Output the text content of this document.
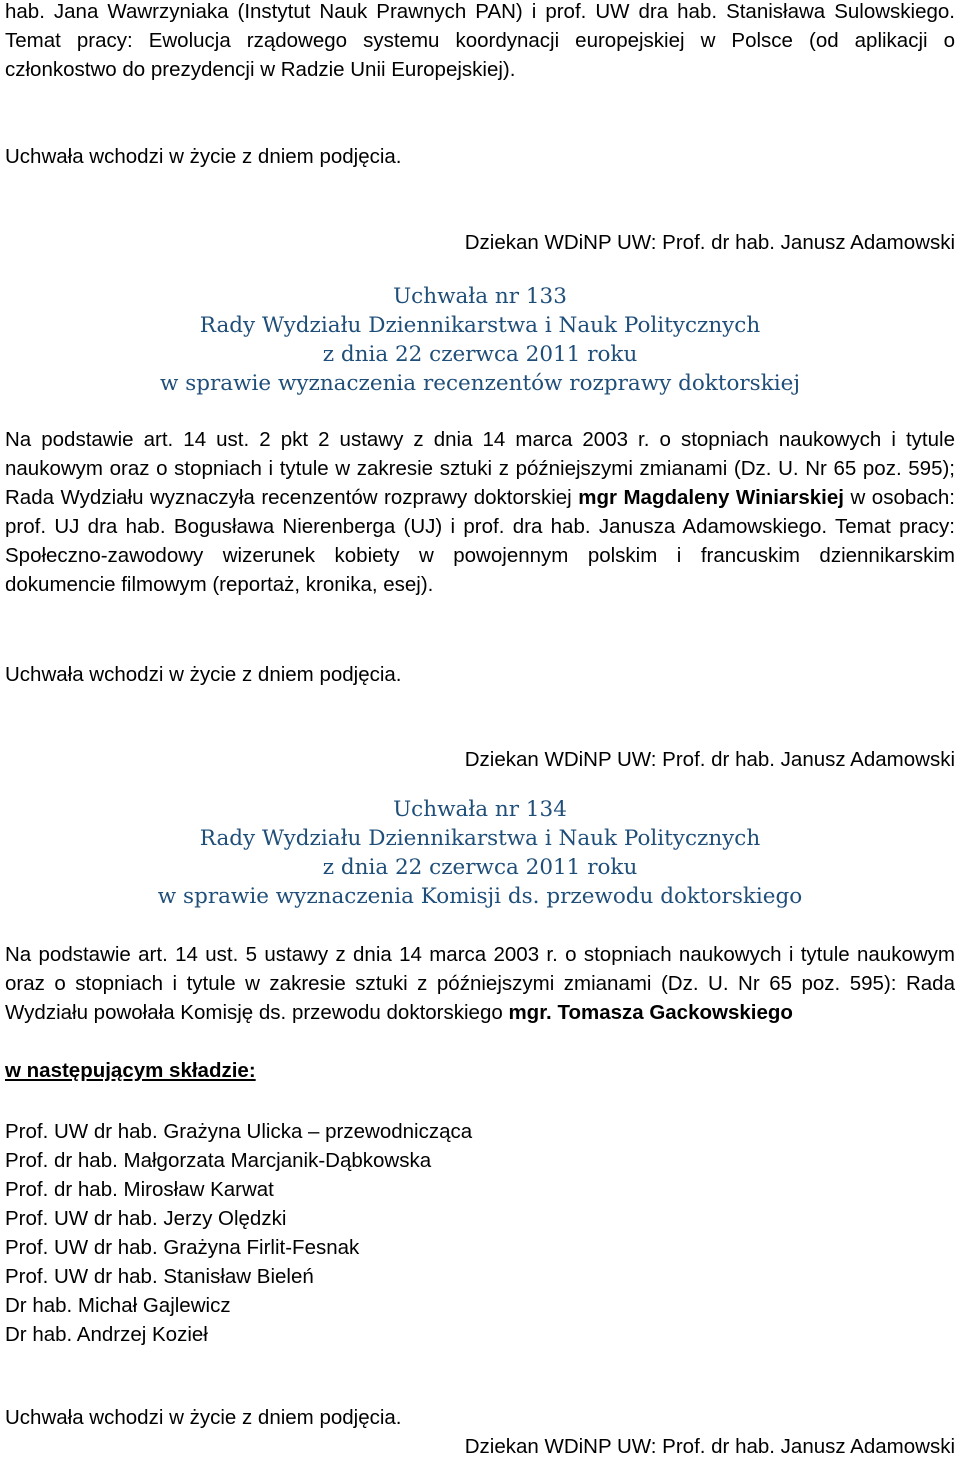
hab. Jana Wawrzyniaka (Instytut Nauk Prawnych PAN) i prof. UW dra hab. Stanisława Sulowskiego. Temat pracy: Ewolucja rządowego systemu koordynacji europejskiej w Polsce (od aplikacji o członkostwo do prezydencji w Radzie Unii Europejskiej).

Uchwała wchodzi w życie z dniem podjęcia.

Dziekan WDiNP UW: Prof. dr hab. Janusz Adamowski

Uchwała nr 133
Rady Wydziału Dziennikarstwa i Nauk Politycznych
z dnia 22 czerwca 2011 roku
w sprawie wyznaczenia recenzentów rozprawy doktorskiej

Na podstawie art. 14 ust. 2 pkt 2 ustawy z dnia 14 marca 2003 r. o stopniach naukowych i tytule naukowym oraz o stopniach i tytule w zakresie sztuki z późniejszymi zmianami (Dz. U. Nr 65 poz. 595); Rada Wydziału wyznaczyła recenzentów rozprawy doktorskiej mgr Magdaleny Winiarskiej w osobach: prof. UJ dra hab. Bogusława Nierenberga (UJ) i prof. dra hab. Janusza Adamowskiego. Temat pracy: Społeczno-zawodowy wizerunek kobiety w powojennym polskim i francuskim dziennikarskim dokumencie filmowym (reportaż, kronika, esej).

Uchwała wchodzi w życie z dniem podjęcia.

Dziekan WDiNP UW: Prof. dr hab. Janusz Adamowski

Uchwała nr 134
Rady Wydziału Dziennikarstwa i Nauk Politycznych
z dnia 22 czerwca 2011 roku
w sprawie wyznaczenia Komisji ds. przewodu doktorskiego

Na podstawie art. 14 ust. 5 ustawy z dnia 14 marca 2003 r. o stopniach naukowych i tytule naukowym oraz o stopniach i tytule w zakresie sztuki z późniejszymi zmianami (Dz. U. Nr 65 poz. 595): Rada Wydziału powołała Komisję ds. przewodu doktorskiego mgr. Tomasza Gackowskiego

w następującym składzie:

Prof. UW dr hab. Grażyna Ulicka – przewodnicząca
Prof. dr hab. Małgorzata Marcjanik-Dąbkowska
Prof. dr hab. Mirosław Karwat
Prof. UW dr hab. Jerzy Olędzki
Prof. UW dr hab. Grażyna Firlit-Fesnak
Prof. UW dr hab. Stanisław Bieleń
Dr hab. Michał Gajlewicz
Dr hab. Andrzej Kozieł

Uchwała wchodzi w życie z dniem podjęcia.

Dziekan WDiNP UW: Prof. dr hab. Janusz Adamowski
